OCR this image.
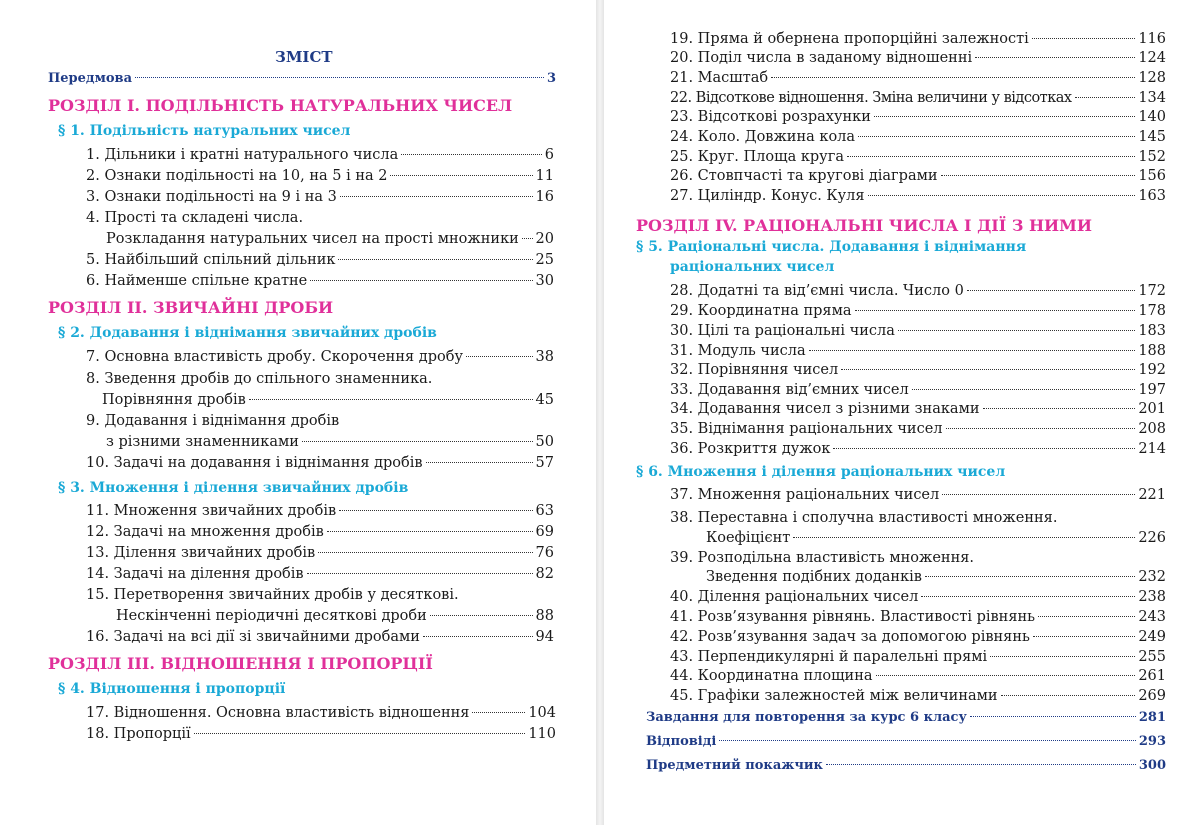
ЗМІСТ
Передмова	3
РОЗДІЛ I. ПОДІЛЬНІСТЬ НАТУРАЛЬНИХ ЧИСЕЛ
§ 1. Подільність натуральних чисел
1. Дільники і кратні натурального числа	6
2. Ознаки подільності на 10, на 5 і на 2	11
3. Ознаки подільності на 9 і на 3	16
4. Прості та складені числа.
Розкладання натуральних чисел на прості множники 20
5. Найбільший спільний дільник	25
6. Найменше спільне кратне	30
РОЗДІЛ II. ЗВИЧАЙНІ ДРОБИ
§ 2. Додавання і віднімання звичайних дробів
7. Основна властивість дробу. Скорочення дробу	38
8. Зведення дробів до спільного знаменника.
Порівняння дробів	45
9. Додавання і віднімання дробів
з різними знаменниками	50
10. Задачі на додавання і віднімання дробів	57
§ 3. Множення і ділення звичайних дробів
11. Множення звичайних дробів	63
12. Задачі на множення дробів	69
13. Ділення звичайних дробів	76
14. Задачі на ділення дробів	82
15. Перетворення звичайних дробів у десяткові.
Нескінченні періодичні десяткові дроби	88
16. Задачі на всі дії зі звичайними дробами	94
РОЗДІЛ III. ВІДНОШЕННЯ І ПРОПОРЦІЇ
§ 4. Відношення і пропорції
17. Відношення. Основна властивість відношення	104
18. Пропорції	110
19. Пряма й обернена пропорційні залежності	116
20. Поділ числа в заданому відношенні	124
21. Масштаб	128
22. Відсоткове відношення. Зміна величини у відсотках	134
23. Відсоткові розрахунки	140
24. Коло. Довжина кола	145
25. Круг. Площа круга	152
26. Стовпчасті та кругові діаграми	156
27. Циліндр. Конус. Куля	163
РОЗДІЛ IV. РАЦІОНАЛЬНІ ЧИСЛА І ДІЇ З НИМИ
§ 5. Раціональні числа. Додавання і віднімання
раціональних чисел
28. Додатні та від’ємні числа. Число 0	172
29. Координатна пряма	178
30. Цілі та раціональні числа	183
31. Модуль числа	188
32. Порівняння чисел	192
33. Додавання від’ємних чисел	197
34. Додавання чисел з різними знаками	201
35. Віднімання раціональних чисел	208
36. Розкриття дужок	214
§ 6. Множення і ділення раціональних чисел
37. Множення раціональних чисел	221
38. Переставна і сполучна властивості множення.
Коефіцієнт	226
39. Розподільна властивість множення.
Зведення подібних доданків	232
40. Ділення раціональних чисел	238
41. Розв’язування рівнянь. Властивості рівнянь	243
42. Розв’язування задач за допомогою рівнянь	249
43. Перпендикулярні й паралельні прямі	255
44. Координатна площина	261
45. Графіки залежностей між величинами	269
Завдання для повторення за курс 6 класу	281
Відповіді	293
Предметний покажчик	300
